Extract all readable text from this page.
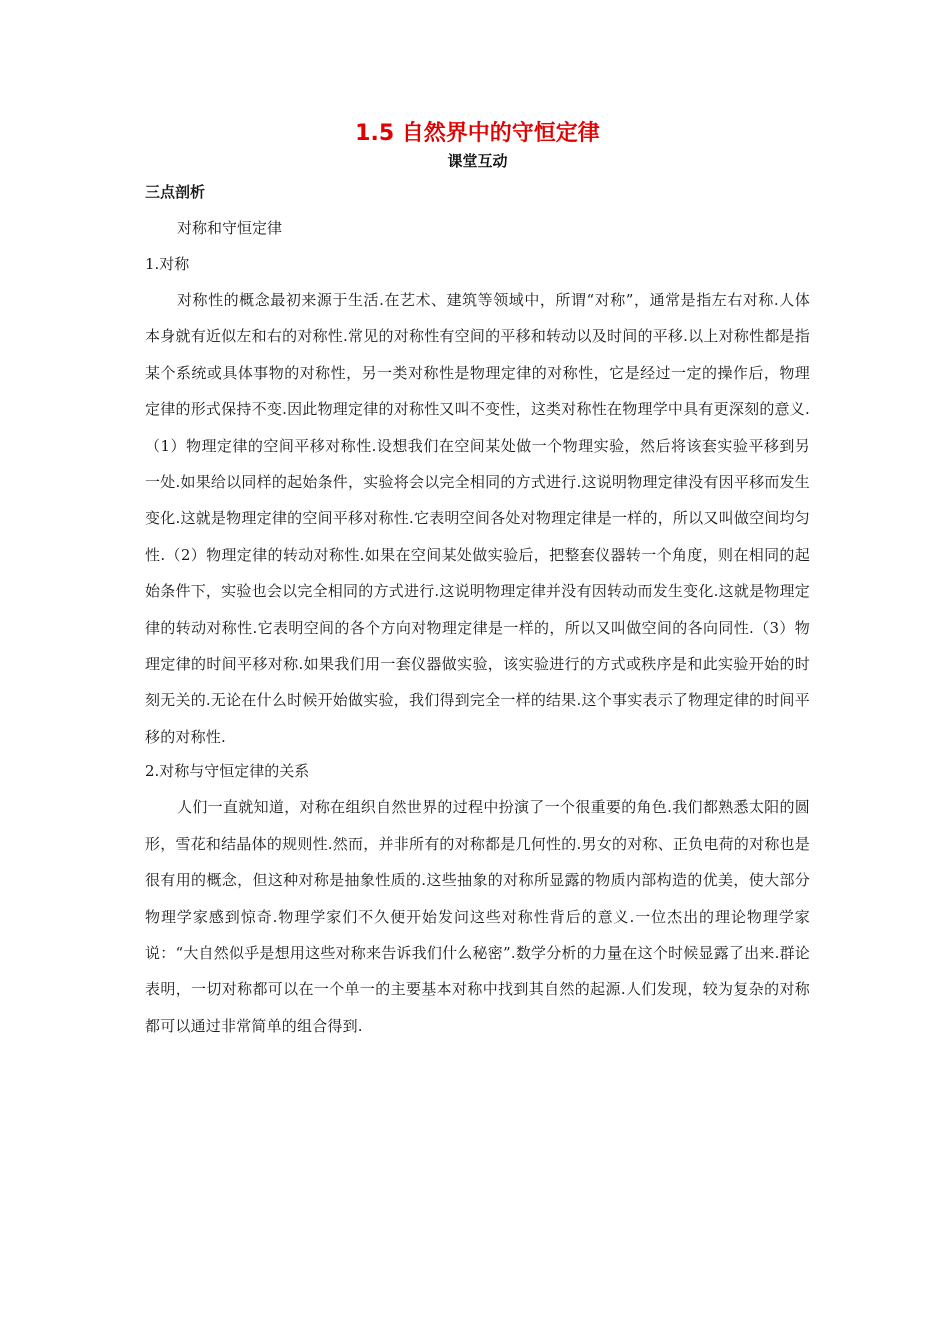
1.5 自然界中的守恒定律
课堂互动
三点剖析
对称和守恒定律
1.对称

对称性的概念最初来源于生活.在艺术、建筑等领域中，所谓“对称”，通常是指左右对称.人体本身就有近似左和右的对称性.常见的对称性有空间的平移和转动以及时间的平移.以上对称性都是指某个系统或具体事物的对称性，另一类对称性是物理定律的对称性，它是经过一定的操作后，物理定律的形式保持不变.因此物理定律的对称性又叫不变性，这类对称性在物理学中具有更深刻的意义.（1）物理定律的空间平移对称性.设想我们在空间某处做一个物理实验，然后将该套实验平移到另一处.如果给以同样的起始条件，实验将会以完全相同的方式进行.这说明物理定律没有因平移而发生变化.这就是物理定律的空间平移对称性.它表明空间各处对物理定律是一样的，所以又叫做空间均匀性.（2）物理定律的转动对称性.如果在空间某处做实验后，把整套仪器转一个角度，则在相同的起始条件下，实验也会以完全相同的方式进行.这说明物理定律并没有因转动而发生变化.这就是物理定律的转动对称性.它表明空间的各个方向对物理定律是一样的，所以又叫做空间的各向同性.（3）物理定律的时间平移对称.如果我们用一套仪器做实验，该实验进行的方式或秩序是和此实验开始的时刻无关的.无论在什么时候开始做实验，我们得到完全一样的结果.这个事实表示了物理定律的时间平移的对称性.

2.对称与守恒定律的关系

人们一直就知道，对称在组织自然世界的过程中扮演了一个很重要的角色.我们都熟悉太阳的圆形，雪花和结晶体的规则性.然而，并非所有的对称都是几何性的.男女的对称、正负电荷的对称也是很有用的概念，但这种对称是抽象性质的.这些抽象的对称所显露的物质内部构造的优美，使大部分物理学家感到惊奇.物理学家们不久便开始发问这些对称性背后的意义.一位杰出的理论物理学家说：“大自然似乎是想用这些对称来告诉我们什么秘密”.数学分析的力量在这个时候显露了出来.群论表明，一切对称都可以在一个单一的主要基本对称中找到其自然的起源.人们发现，较为复杂的对称都可以通过非常简单的组合得到.
